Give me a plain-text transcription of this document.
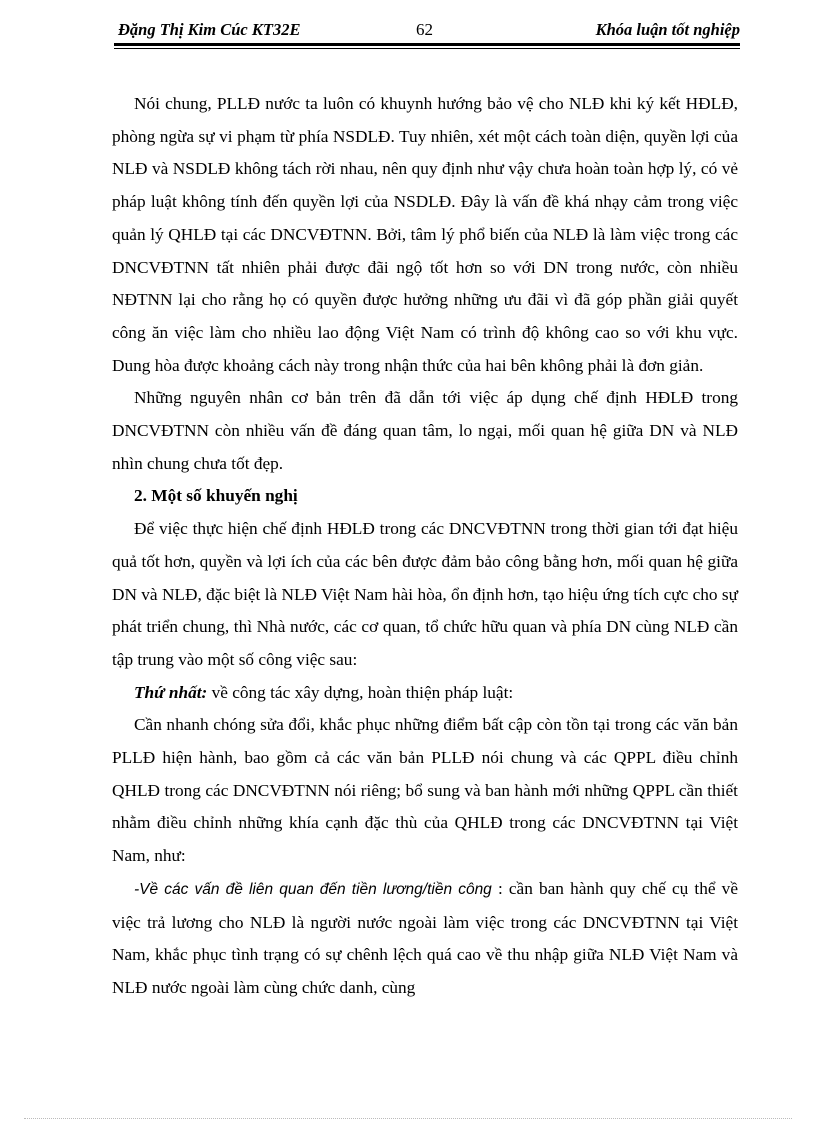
Đặng Thị Kim Cúc KT32E	62	Khóa luận tốt nghiệp

Nói chung, PLLĐ nước ta luôn có khuynh hướng bảo vệ cho NLĐ khi ký kết HĐLĐ, phòng ngừa sự vi phạm từ phía NSDLĐ. Tuy nhiên, xét một cách toàn diện, quyền lợi của NLĐ và NSDLĐ không tách rời nhau, nên quy định như vậy chưa hoàn toàn hợp lý, có vẻ pháp luật không tính đến quyền lợi của NSDLĐ. Đây là vấn đề khá nhạy cảm trong việc quản lý QHLĐ tại các DNCVĐTNN. Bởi, tâm lý phổ biến của NLĐ là làm việc trong các DNCVĐTNN tất nhiên phải được đãi ngộ tốt hơn so với DN trong nước, còn nhiều NĐTNN lại cho rằng họ có quyền được hưởng những ưu đãi vì đã góp phần giải quyết công ăn việc làm cho nhiều lao động Việt Nam có trình độ không cao so với khu vực. Dung hòa được khoảng cách này trong nhận thức của hai bên không phải là đơn giản.

Những nguyên nhân cơ bản trên đã dẫn tới việc áp dụng chế định HĐLĐ trong DNCVĐTNN còn nhiều vấn đề đáng quan tâm, lo ngại, mối quan hệ giữa DN và NLĐ nhìn chung chưa tốt đẹp.

2. Một số khuyến nghị

Để việc thực hiện chế định HĐLĐ trong các DNCVĐTNN trong thời gian tới đạt hiệu quả tốt hơn, quyền và lợi ích của các bên được đảm bảo công bằng hơn, mối quan hệ giữa DN và NLĐ, đặc biệt là NLĐ Việt Nam hài hòa, ổn định hơn, tạo hiệu ứng tích cực cho sự phát triển chung, thì Nhà nước, các cơ quan, tổ chức hữu quan và phía DN cùng NLĐ cần tập trung vào một số công việc sau:

Thứ nhất: về công tác xây dựng, hoàn thiện pháp luật:

Cần nhanh chóng sửa đổi, khắc phục những điểm bất cập còn tồn tại trong các văn bản PLLĐ hiện hành, bao gồm cả các văn bản PLLĐ nói chung và các QPPL điều chỉnh QHLĐ trong các DNCVĐTNN nói riêng; bổ sung và ban hành mới những QPPL cần thiết nhằm điều chỉnh những khía cạnh đặc thù của QHLĐ trong các DNCVĐTNN tại Việt Nam, như:

-Về các vấn đề liên quan đến tiền lương/tiền công : cần ban hành quy chế cụ thể về việc trả lương cho NLĐ là người nước ngoài làm việc trong các DNCVĐTNN tại Việt Nam, khắc phục tình trạng có sự chênh lệch quá cao về thu nhập giữa NLĐ Việt Nam và NLĐ nước ngoài làm cùng chức danh, cùng
